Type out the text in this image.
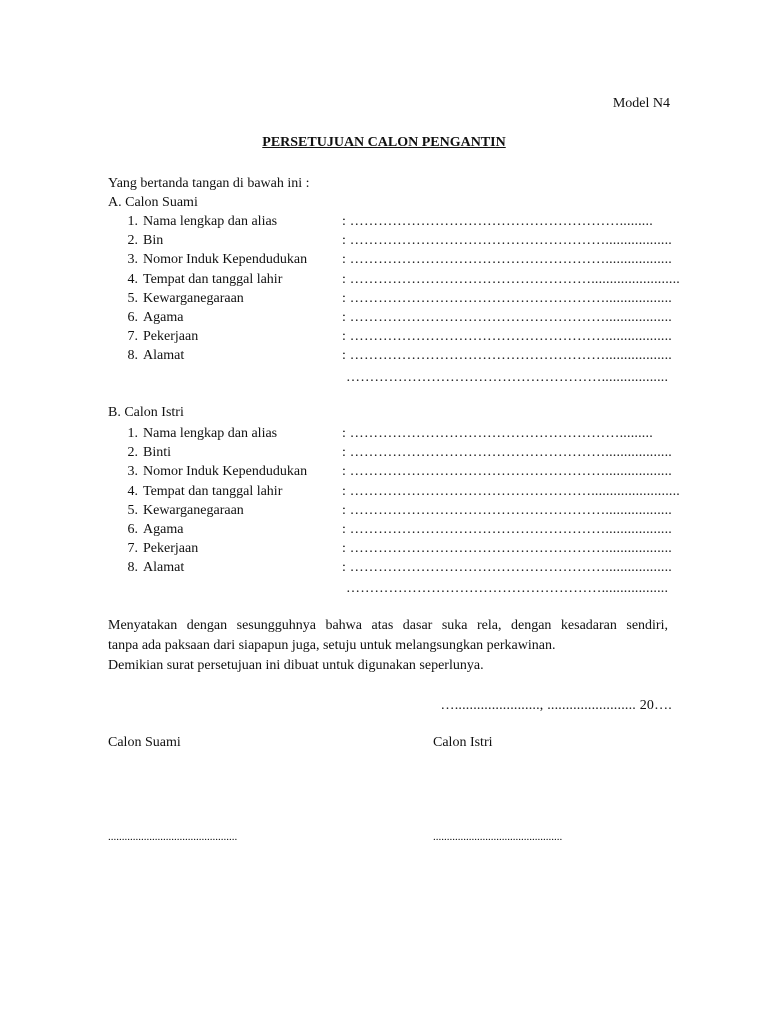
Model N4
PERSETUJUAN CALON PENGANTIN
Yang bertanda tangan di bawah ini :
A. Calon Suami
1. Nama lengkap dan alias	: ………………………………………………….........
2. Bin	: ………………………………………………..................
3. Nomor Induk Kependudukan : ………………………………………………..................
4. Tempat dan tanggal lahir	: ……………………………………………........................
5. Kewarganegaraan	: ………………………………………………..................
6. Agama	: ………………………………………………..................
7. Pekerjaan	: ………………………………………………..................
8. Alamat	: ………………………………………………..................
………………………………………………..................
B. Calon Istri
1. Nama lengkap dan alias	: ………………………………………………….........
2. Binti	: ………………………………………………..................
3. Nomor Induk Kependudukan : ………………………………………………..................
4. Tempat dan tanggal lahir	: ……………………………………………........................
5. Kewarganegaraan	: ………………………………………………..................
6. Agama	: ………………………………………………..................
7. Pekerjaan	: ………………………………………………..................
8. Alamat	: ………………………………………………..................
………………………………………………..................

Menyatakan dengan sesungguhnya bahwa atas dasar suka rela, dengan kesadaran sendiri,

tanpa ada paksaan dari siapapun juga, setuju untuk melangsungkan perkawinan.

Demikian surat persetujuan ini dibuat untuk digunakan seperlunya.

…......................., ........................ 20….
Calon Suami	Calon Istri
...............................................	...............................................
